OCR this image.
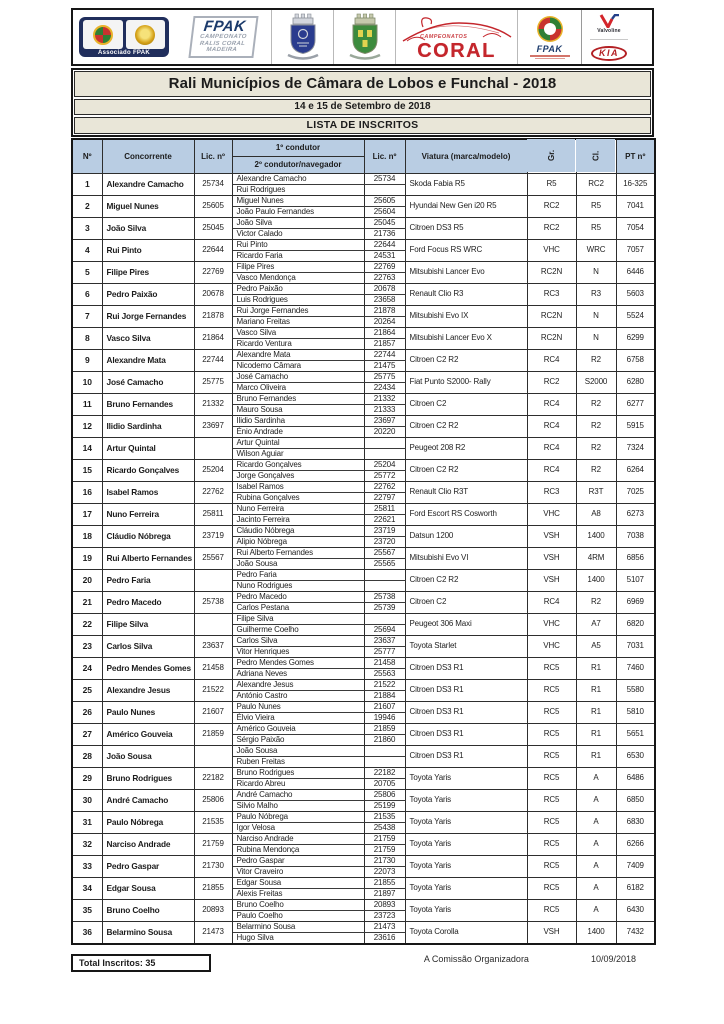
Associado FPAK
FPAK
CAMPEONATO
RALIS CORAL
MADEIRA
CAMPEONATOS
CORAL	FPAK
Valvoline
KIA
Rali Municípios de Câmara de Lobos e Funchal - 2018
14 e 15 de Setembro de 2018
LISTA DE INSCRITOS
Nº	Concorrente	Lic. nº	1º condutor	Lic. nº	Viatura (marca/modelo)	Gr.	Cl.	PT nº
			2º condutor/navegador					
1	Alexandre Camacho	25734	Alexandre Camacho	25734	Skoda Fabia R5	R5	RC2	16-325
			Rui Rodrigues					
2	Miguel Nunes	25605	Miguel Nunes	25605	Hyundai New Gen i20 R5	RC2	R5	7041
			João Paulo Fernandes	25604				
3	João Silva	25045	João Silva	25045	Citroen DS3 R5	RC2	R5	7054
			Victor Calado	21736				
4	Rui Pinto	22644	Rui Pinto	22644	Ford Focus RS WRC	VHC	WRC	7057
			Ricardo Faria	24531				
5	Filipe Pires	22769	Filipe Pires	22769	Mitsubishi Lancer Evo	RC2N	N	6446
			Vasco Mendonça	22763				
6	Pedro Paixão	20678	Pedro Paixão	20678	Renault Clio R3	RC3	R3	5603
			Luis Rodrigues	23658				
7	Rui Jorge Fernandes	21878	Rui Jorge Fernandes	21878	Mitsubishi Evo IX	RC2N	N	5524
			Mariano Freitas	20264				
8	Vasco Silva	21864	Vasco Silva	21864	Mitsubishi Lancer Evo X	RC2N	N	6299
			Ricardo Ventura	21857				
9	Alexandre Mata	22744	Alexandre Mata	22744	Citroen C2 R2	RC4	R2	6758
			Nicodemo Câmara	21475				
10	José Camacho	25775	José Camacho	25775	Fiat Punto S2000- Rally	RC2	S2000	6280
			Marco Oliveira	22434				
11	Bruno Fernandes	21332	Bruno Fernandes	21332	Citroen C2	RC4	R2	6277
			Mauro Sousa	21333				
12	Ilidio Sardinha	23697	Ilidio Sardinha	23697	Citroen C2 R2	RC4	R2	5915
			Énio Andrade	20220				
14	Artur Quintal		Artur Quintal		Peugeot 208 R2	RC4	R2	7324
			Wilson Aguiar					
15	Ricardo Gonçalves	25204	Ricardo Gonçalves	25204	Citroen C2 R2	RC4	R2	6264
			Jorge Gonçalves	25772				
16	Isabel Ramos	22762	Isabel Ramos	22762	Renault Clio R3T	RC3	R3T	7025
			Rubina Gonçalves	22797				
17	Nuno Ferreira	25811	Nuno Ferreira	25811	Ford Escort RS Cosworth	VHC	A8	6273
			Jacinto Ferreira	22621				
18	Cláudio Nóbrega	23719	Cláudio Nóbrega	23719	Datsun 1200	VSH	1400	7038
			Alipio Nóbrega	23720				
19	Rui Alberto Fernandes	25567	Rui Alberto Fernandes	25567	Mitsubishi Evo VI	VSH	4RM	6856
			João Sousa	25565				
20	Pedro Faria		Pedro Faria		Citroen C2 R2	VSH	1400	5107
			Nuno Rodrigues					
21	Pedro Macedo	25738	Pedro Macedo	25738	Citroen C2	RC4	R2	6969
			Carlos Pestana	25739				
22	Filipe Silva		Filipe Silva		Peugeot 306 Maxi	VHC	A7	6820
			Guilherme Coelho	25694				
23	Carlos Silva	23637	Carlos Silva	23637	Toyota Starlet	VHC	A5	7031
			Vitor Henriques	25777				
24	Pedro Mendes Gomes	21458	Pedro Mendes Gomes	21458	Citroen DS3 R1	RC5	R1	7460
			Adriana Neves	25563				
25	Alexandre Jesus	21522	Alexandre Jesus	21522	Citroen DS3 R1	RC5	R1	5580
			António Castro	21884				
26	Paulo Nunes	21607	Paulo Nunes	21607	Citroen DS3 R1	RC5	R1	5810
			Élvio Vieira	19946				
27	Américo Gouveia	21859	Américo Gouveia	21859	Citroen DS3 R1	RC5	R1	5651
			Sérgio Paixão	21860				
28	João Sousa		João Sousa		Citroen DS3 R1	RC5	R1	6530
			Ruben Freitas					
29	Bruno Rodrigues	22182	Bruno Rodrigues	22182	Toyota Yaris	RC5	A	6486
			Ricardo Abreu	20705				
30	André Camacho	25806	André Camacho	25806	Toyota Yaris	RC5	A	6850
			Silvio Malho	25199				
31	Paulo Nóbrega	21535	Paulo Nóbrega	21535	Toyota Yaris	RC5	A	6830
			Igor Velosa	25438				
32	Narciso Andrade	21759	Narciso Andrade	21759	Toyota Yaris	RC5	A	6266
			Rubina Mendonça	21759				
33	Pedro Gaspar	21730	Pedro Gaspar	21730	Toyota Yaris	RC5	A	7409
			Vitor Craveiro	22073				
34	Edgar Sousa	21855	Edgar Sousa	21855	Toyota Yaris	RC5	A	6182
			Alexis Freitas	21897				
35	Bruno Coelho	20893	Bruno Coelho	20893	Toyota Yaris	RC5	A	6430
			Paulo Coelho	23723				
36	Belarmino Sousa	21473	Belarmino Sousa	21473	Toyota Corolla	VSH	1400	7432
			Hugo Silva	23616				
Total Inscritos: 35	A Comissão Organizadora	10/09/2018
